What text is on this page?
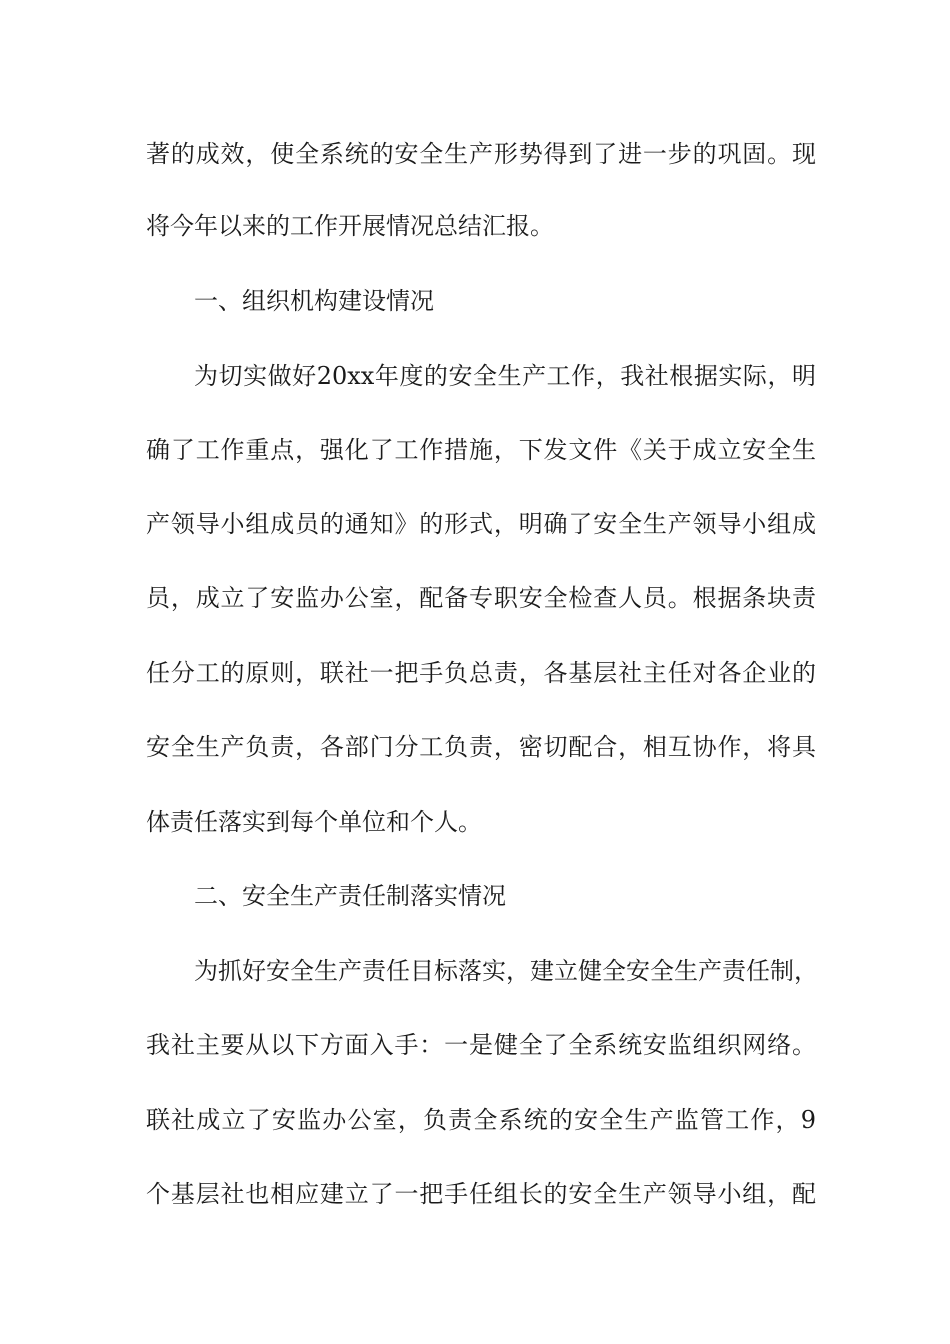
著的成效，使全系统的安全生产形势得到了进一步的巩固。现
将今年以来的工作开展情况总结汇报。
一、组织机构建设情况
为切实做好20xx年度的安全生产工作，我社根据实际，明
确了工作重点，强化了工作措施，下发文件《关于成立安全生
产领导小组成员的通知》的形式，明确了安全生产领导小组成
员，成立了安监办公室，配备专职安全检查人员。根据条块责
任分工的原则，联社一把手负总责，各基层社主任对各企业的
安全生产负责，各部门分工负责，密切配合，相互协作，将具
体责任落实到每个单位和个人。
二、安全生产责任制落实情况
为抓好安全生产责任目标落实，建立健全安全生产责任制，
我社主要从以下方面入手：一是健全了全系统安监组织网络。
联社成立了安监办公室，负责全系统的安全生产监管工作，9
个基层社也相应建立了一把手任组长的安全生产领导小组，配
